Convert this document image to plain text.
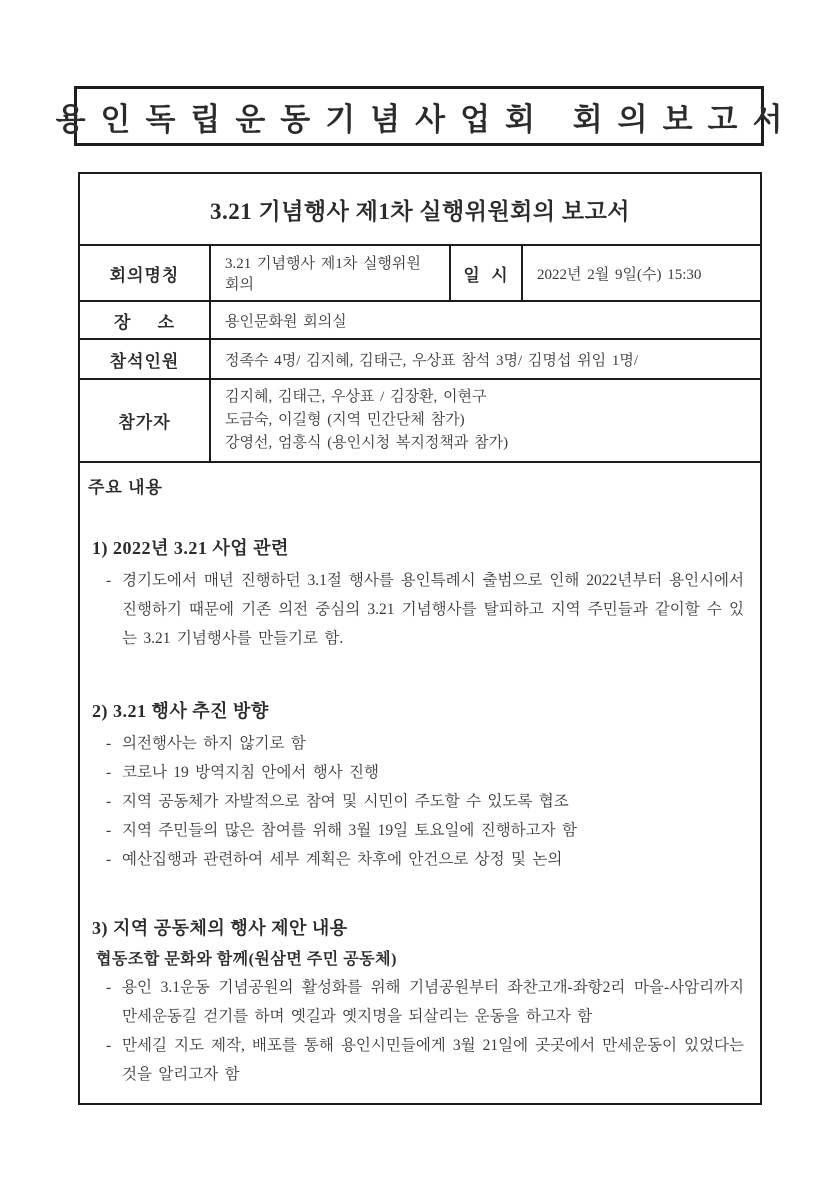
용인독립운동기념사업회 회의보고서
3.21 기념행사 제1차 실행위원회의 보고서
회의명칭	3.21 기념행사 제1차 실행위원 회의	일  시	2022년 2월 9일(수) 15:30
장     소	용인문화원 회의실		
참석인원	정족수 4명/ 김지혜, 김태근, 우상표 참석 3명/ 김명섭 위임 1명/		
참가자	김지혜, 김태근, 우상표 / 김장환, 이현구
도금숙, 이길형 (지역 민간단체 참가)
강영선, 엄흥식 (용인시청 복지정책과 참가)		
주요 내용
1) 2022년 3.21 사업 관련
- 경기도에서 매년 진행하던 3.1절 행사를 용인특례시 출범으로 인해 2022년부터 용인시에서 진행하기 때문에 기존 의전 중심의 3.21 기념행사를 탈피하고 지역 주민들과 같이할 수 있는 3.21 기념행사를 만들기로 함.
2) 3.21 행사 추진 방향
- 의전행사는 하지 않기로 함
- 코로나 19 방역지침 안에서 행사 진행
- 지역 공동체가 자발적으로 참여 및 시민이 주도할 수 있도록 협조
- 지역 주민들의 많은 참여를 위해 3월 19일 토요일에 진행하고자 함
- 예산집행과 관련하여 세부 계획은 차후에 안건으로 상정 및 논의
3) 지역 공동체의 행사 제안 내용
협동조합 문화와 함께(원삼면 주민 공동체)
- 용인 3.1운동 기념공원의 활성화를 위해 기념공원부터 좌찬고개-좌항2리 마을-사암리까지 만세운동길 걷기를 하며 옛길과 옛지명을 되살리는 운동을 하고자 함
- 만세길 지도 제작, 배포를 통해 용인시민들에게 3월 21일에 곳곳에서 만세운동이 있었다는 것을 알리고자 함
